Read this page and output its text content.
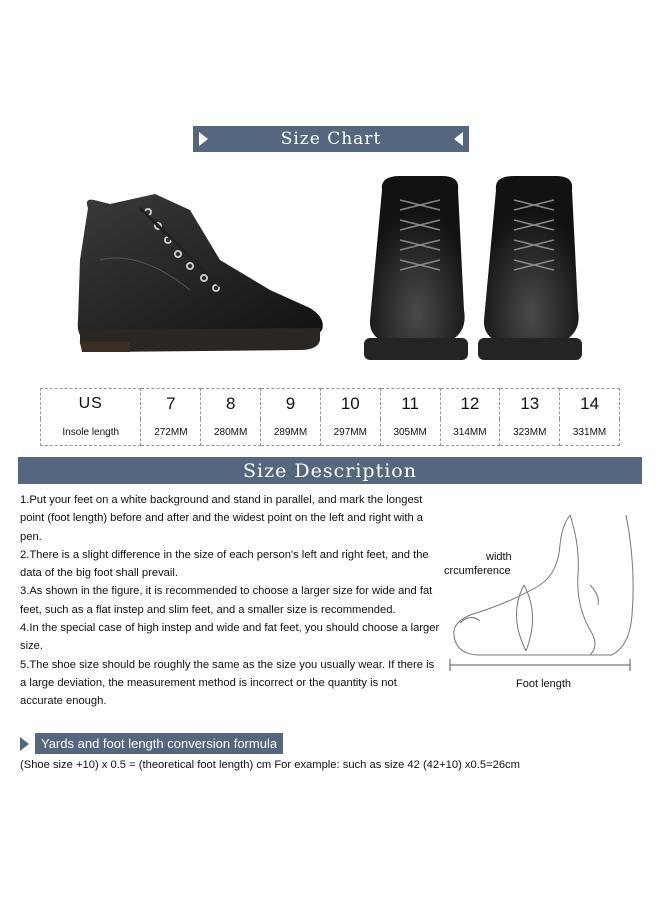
Size Chart
US	7	8	9	10	11	12	13	14
Insole length	272MM	280MM	289MM	297MM	305MM	314MM	323MM	331MM
Size Description

1.Put your feet on a white background and stand in parallel, and mark the longest point (foot length) before and after and the widest point on the left and right with a pen.

2.There is a slight difference in the size of each person's left and right feet, and the data of the big foot shall prevail.

3.As shown in the figure, it is recommended to choose a larger size for wide and fat feet, such as a flat instep and slim feet, and a smaller size is recommended.

4.In the special case of high instep and wide and fat feet, you should choose a larger size.

5.The shoe size should be roughly the same as the size you usually wear. If there is a large deviation, the measurement method is incorrect or the quantity is not accurate enough.

width
crcumference
Foot length
Yards and foot length conversion formula
(Shoe size +10) x 0.5 = (theoretical foot length) cm For example: such as size 42 (42+10) x0.5=26cm
